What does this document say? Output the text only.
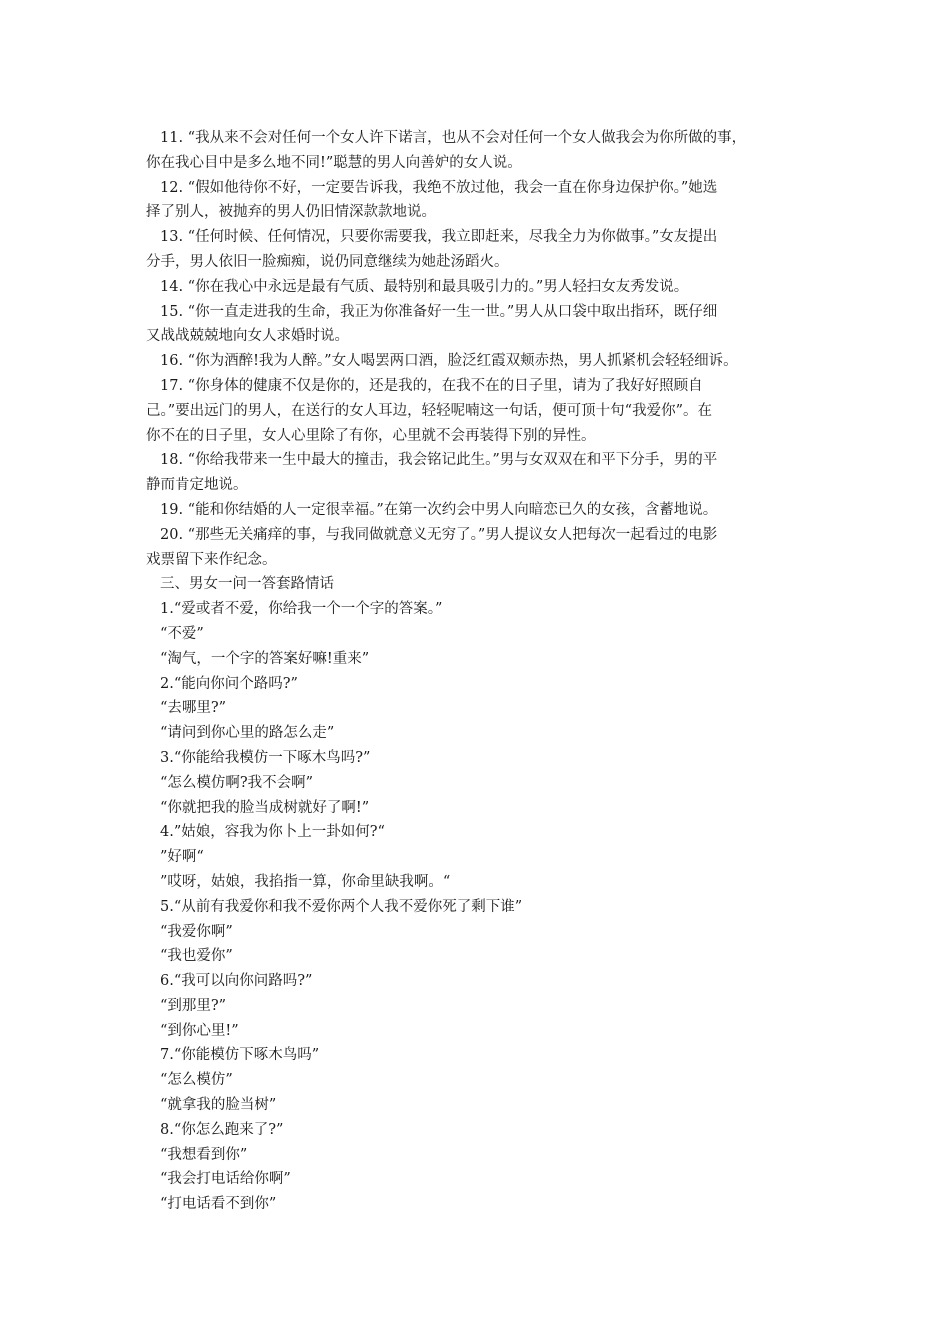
11. “我从来不会对任何一个女人许下诺言，也从不会对任何一个女人做我会为你所做的事，
你在我心目中是多么地不同!”聪慧的男人向善妒的女人说。
12. “假如他待你不好，一定要告诉我，我绝不放过他，我会一直在你身边保护你。”她选
择了别人，被抛弃的男人仍旧情深款款地说。
13. “任何时候、任何情况，只要你需要我，我立即赶来，尽我全力为你做事。”女友提出
分手，男人依旧一脸痴痴，说仍同意继续为她赴汤蹈火。
14. “你在我心中永远是最有气质、最特别和最具吸引力的。”男人轻扫女友秀发说。
15. “你一直走进我的生命，我正为你准备好一生一世。”男人从口袋中取出指环，既仔细
又战战兢兢地向女人求婚时说。
16. “你为酒醉!我为人醉。”女人喝罢两口酒，脸泛红霞双颊赤热，男人抓紧机会轻轻细诉。
17. “你身体的健康不仅是你的，还是我的，在我不在的日子里，请为了我好好照顾自
己。”要出远门的男人，在送行的女人耳边，轻轻呢喃这一句话，便可顶十句“我爱你”。在
你不在的日子里，女人心里除了有你，心里就不会再装得下别的异性。
18. “你给我带来一生中最大的撞击，我会铭记此生。”男与女双双在和平下分手，男的平
静而肯定地说。
19. “能和你结婚的人一定很幸福。”在第一次约会中男人向暗恋已久的女孩，含蓄地说。
20. “那些无关痛痒的事，与我同做就意义无穷了。”男人提议女人把每次一起看过的电影
戏票留下来作纪念。
三、男女一问一答套路情话
1.“爱或者不爱，你给我一个一个字的答案。”
“不爱”
“淘气，一个字的答案好嘛!重来”
2.“能向你问个路吗?”
“去哪里?”
“请问到你心里的路怎么走”
3.“你能给我模仿一下啄木鸟吗?”
“怎么模仿啊?我不会啊”
“你就把我的脸当成树就好了啊!”
4.”姑娘，容我为你卜上一卦如何?“
”好啊“
”哎呀，姑娘，我掐指一算，你命里缺我啊。“
5.“从前有我爱你和我不爱你两个人我不爱你死了剩下谁”
“我爱你啊”
“我也爱你”
6.“我可以向你问路吗?”
“到那里?”
“到你心里!”
7.“你能模仿下啄木鸟吗”
“怎么模仿”
“就拿我的脸当树”
8.“你怎么跑来了?”
“我想看到你”
“我会打电话给你啊”
“打电话看不到你”
